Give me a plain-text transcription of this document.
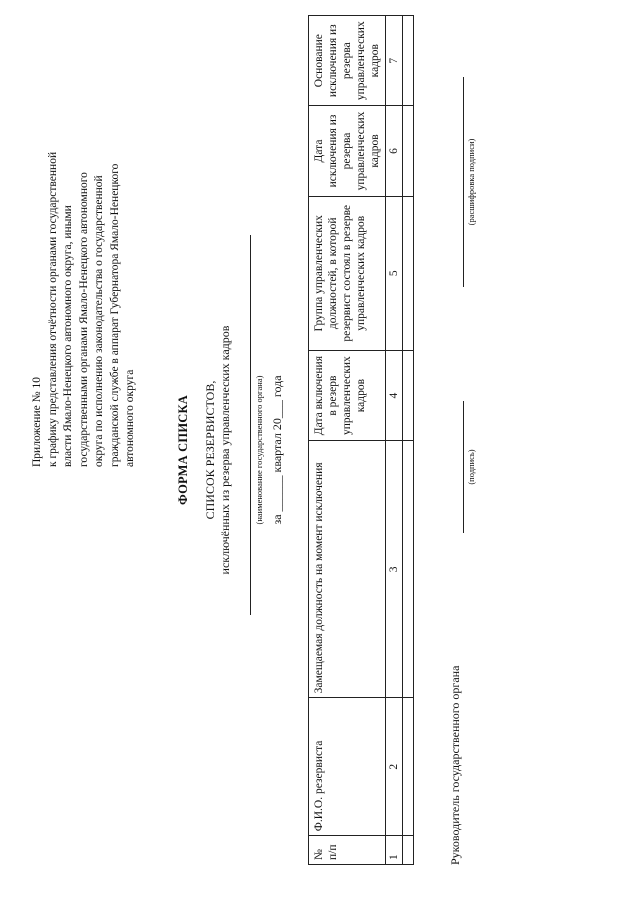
Приложение № 10 к графику представления отчётности органами государственной власти Ямало-Ненецкого автономного округа, иными государственными органами Ямало-Ненецкого автономного округа по исполнению законодательства о государственной гражданской службе в аппарат Губернатора Ямало-Ненецкого автономного округа	ФОРМА СПИСКА СПИСОК РЕЗЕРВИСТОВ, исключённых из резерва управленческих кадров	(наименование государственного органа) за ______ квартал 20___ года
№ п/п	Ф.И.О. резервиста	Замещаемая должность на момент исключения	Дата включения в резерв управленческих кадров	Группа управленческих должностей, в которой резервист состоял в резерве управленческих кадров	Дата исключения из резерва управленческих кадров	Основание исключения из резерва управленческих кадров
1	2	3	4	5	6	7

Руководитель государственного органа
(подпись)
(расшифровка подписи)
